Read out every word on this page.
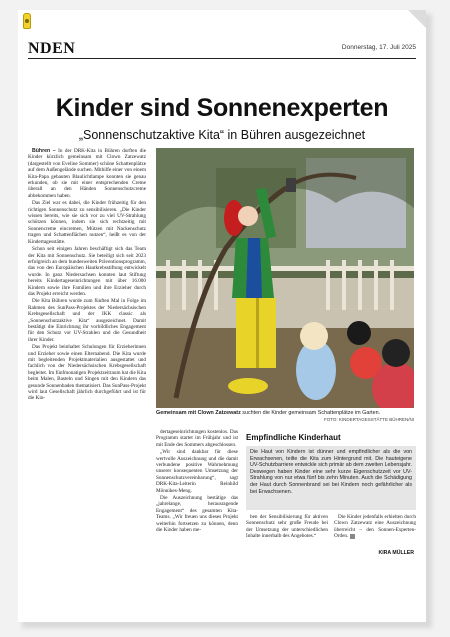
NDEN	Donnerstag, 17. Juli 2025
Kinder sind Sonnenexperten
„Sonnenschutzaktive Kita“ in Bühren ausgezeichnet

Bühren – In der DRK-Kita in Bühren durften die Kinder kürzlich gemeinsam mit Clown Zatzewatz (dargestellt von Eveline Sommer) schöne Schattenplätze auf dem Außengelände suchen. Mithilfe einer von einem Kita-Papa gebauten Blaulichtlampe konnten sie genau erkunden, ob sie mit einer entsprechenden Creme überall an den Händen Sonnenschutzcreme abbekommen haben.

Das Ziel war es dabei, die Kinder frühzeitig für den richtigen Sonnenschutz zu sensibilisieren. „Die Kinder wissen bereits, wie sie sich vor zu viel UV-Strahlung schützen können, indem sie sich rechtzeitig mit Sonnencreme eincremen, Mützen mit Nackenschutz tragen und Schattenflächen nutzen“, heißt es von der Kindertagesstätte.

Schon seit einigen Jahren beschäftigt sich das Team der Kita mit Sonnenschutz. Sie beteiligt sich seit 2023 erfolgreich an dem bundesweiten Präventionsprogramm, das von den Europäischen Hautkrebsstiftung entwickelt wurde. In ganz Niedersachsen konnten laut Stiftung bereits Kindertageseinrichtungen mit über 16.000 Kindern sowie ihre Familien und ihre Erzieher durch das Projekt erreicht werden.

Die Kita Bühren wurde zum fünften Mal in Folge im Rahmen des SunPass-Projektes der Niedersächsischen Krebsgesellschaft und der IKK classic als „Sonnenschutzaktive Kita“ ausgezeichnet. Damit bestätigt die Einrichtung ihr vorbildliches Engagement für den Schutz vor UV-Strahlen und die Gesundheit ihrer Kinder.

Das Projekt beinhaltet Schulungen für Erzieherinnen und Erzieher sowie einen Elternabend. Die Kita wurde mit begleitenden Projektmaterialien ausgestattet und fachlich von der Niedersächsischen Krebsgesellschaft begleitet. Im fünfmonatigen Projektzeitraum hat die Kita beim Malen, Basteln und Singen mit den Kindern das gesunde Sonnenbaden thematisiert. Das SunPass-Projekt wird laut Gesellschaft jährlich durchgeführt und ist für die Kin-

Gemeinsam mit Clown Zatzewatz suchten die Kinder gemeinsam Schattenplätze im Garten.
FOTO: KINDERTAGESSTÄTTE BÜHREN/NI

dertageseinrichtungen kostenlos. Das Programm startet im Frühjahr und ist mit Ende des Sommers abgeschlossen.

„Wir sind dankbar für diese wertvolle Auszeichnung und die damit verbundene positive Wahrnehmung unserer konsequenten Umsetzung der Sonnenschutzvereinbarung“, sagt DRK-Kita-Leiterin Reinhild Mönnikes-Meng.

Die Auszeichnung bestätige das „jahrelange, herausragende Engagement“ des gesamten Kita-Teams. „Wir freuen uns dieses Projekt weiterhin fortsetzen zu können, denn die Kinder haben me-

Empfindliche Kinderhaut
Die Haut von Kindern ist dünner und empfindlicher als die von Erwachsenen, teilte die Kita zum Hintergrund mit. Die hauteigene UV-Schutzbarriere entwickle sich primär ab dem zweiten Lebensjahr. Deswegen haben Kinder eine sehr kurze Eigenschutzzeit vor UV-Strahlung von nur etwa fünf bis zehn Minuten. Auch die Schädigung der Haut durch Sonnenbrand sei bei Kindern noch gefährlicher als bei Erwachsenen.

ben der Sensibilisierung für aktiven Sonnenschutz sehr große Freude bei der Umsetzung der unterschiedlichen Inhalte innerhalb des Angebotes.“

Die Kinder jedenfalls erhielten durch Clown Zatzewatz eine Auszeichnung überreicht – den Sonnen-Experten-Orden.

KIRA MÜLLER
